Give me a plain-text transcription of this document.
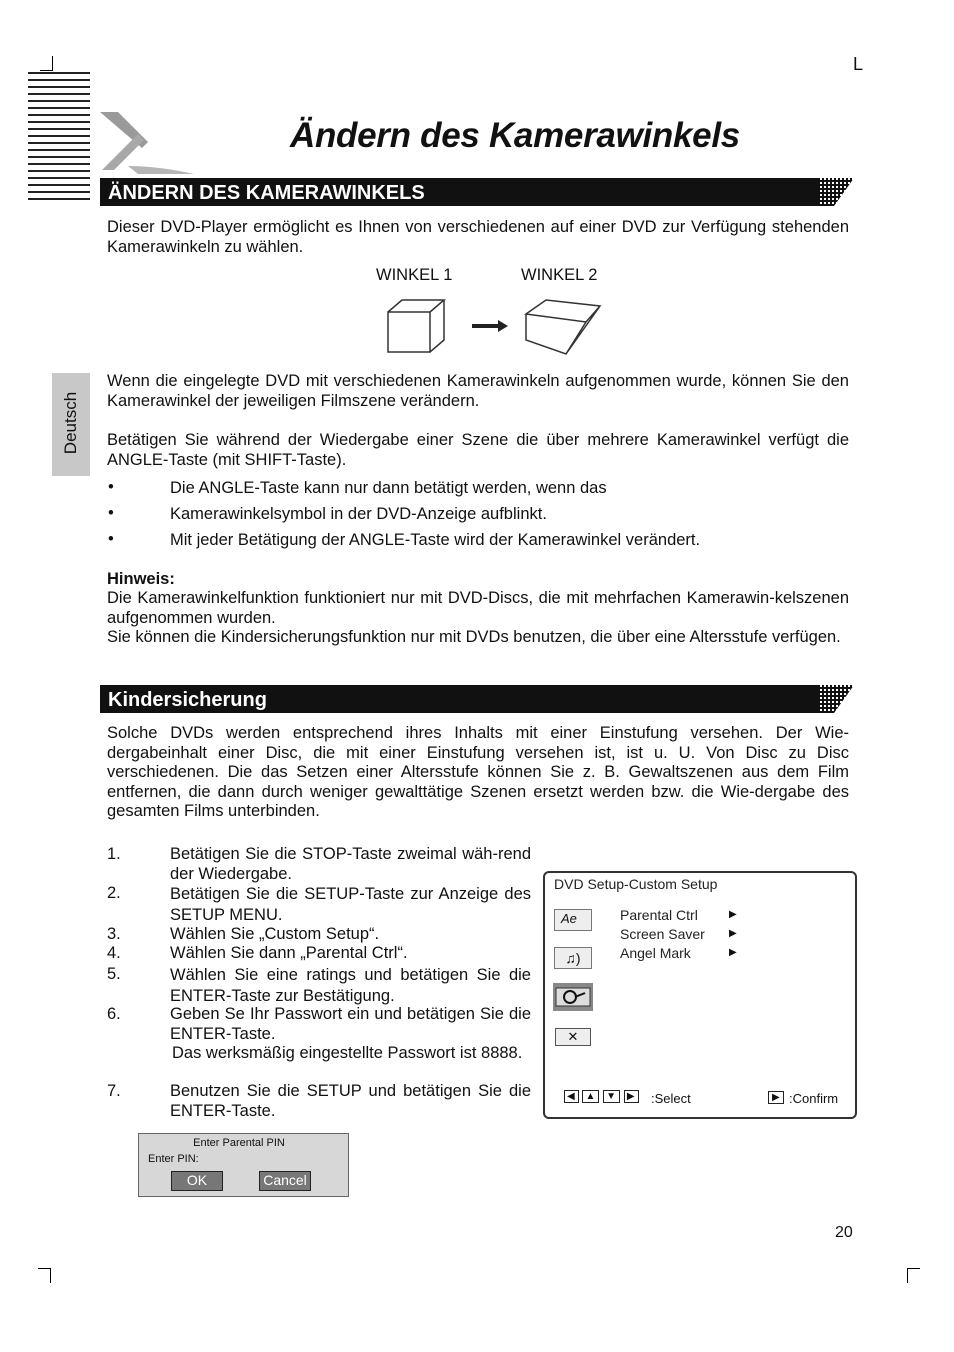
L
Ändern des Kamerawinkels
ÄNDERN DES KAMERAWINKELS
Dieser DVD-Player ermöglicht es Ihnen von verschiedenen auf einer DVD zur Verfügung stehenden Kamerawinkeln zu wählen.
WINKEL 1	WINKEL 2
Deutsch
Wenn die eingelegte DVD mit verschiedenen Kamerawinkeln aufgenommen wurde, können Sie den Kamerawinkel der jeweiligen Filmszene verändern.
Betätigen Sie während der Wiedergabe einer Szene die über mehrere Kamerawinkel verfügt die ANGLE-Taste (mit SHIFT-Taste).
•	Die ANGLE-Taste kann nur dann betätigt werden, wenn das
•	Kamerawinkelsymbol in der DVD-Anzeige aufblinkt.
•	Mit jeder Betätigung der ANGLE-Taste wird der Kamerawinkel verändert.
Hinweis:
Die Kamerawinkelfunktion funktioniert nur mit DVD-Discs, die mit mehrfachen Kamerawin-kelszenen aufgenommen wurden.
Sie können die Kindersicherungsfunktion nur mit DVDs benutzen, die über eine Altersstufe verfügen.
Kindersicherung
Solche DVDs werden entsprechend ihres Inhalts mit einer Einstufung versehen. Der Wie-dergabeinhalt einer Disc, die mit einer Einstufung versehen ist, ist u. U. Von Disc zu Disc verschiedenen. Die das Setzen einer Altersstufe können Sie z. B. Gewaltszenen aus dem Film entfernen, die dann durch weniger gewalttätige Szenen ersetzt werden bzw. die Wie-dergabe des gesamten Films unterbinden.
1.	Betätigen Sie die STOP-Taste zweimal wäh-rend der Wiedergabe.
2.	Betätigen Sie die SETUP-Taste zur Anzeige des SETUP MENU.
3.	Wählen Sie „Custom Setup“.
4.	Wählen Sie dann „Parental Ctrl“.
5.	Wählen Sie eine ratings und betätigen Sie die ENTER-Taste zur Bestätigung.
6.	Geben Se Ihr Passwort ein und betätigen Sie die ENTER-Taste.
Das werksmäßig eingestellte Passwort ist 8888.
7.	Benutzen Sie die SETUP und betätigen Sie die ENTER-Taste.
DVD Setup-Custom Setup
Ae
♫)
✕
Parental Ctrl
Screen Saver
Angel Mark
▶
▶
▶
◀ ▲ ▼ ▶ :Select	▶ :Confirm
Enter Parental PIN
Enter PIN:
OK	Cancel
20
